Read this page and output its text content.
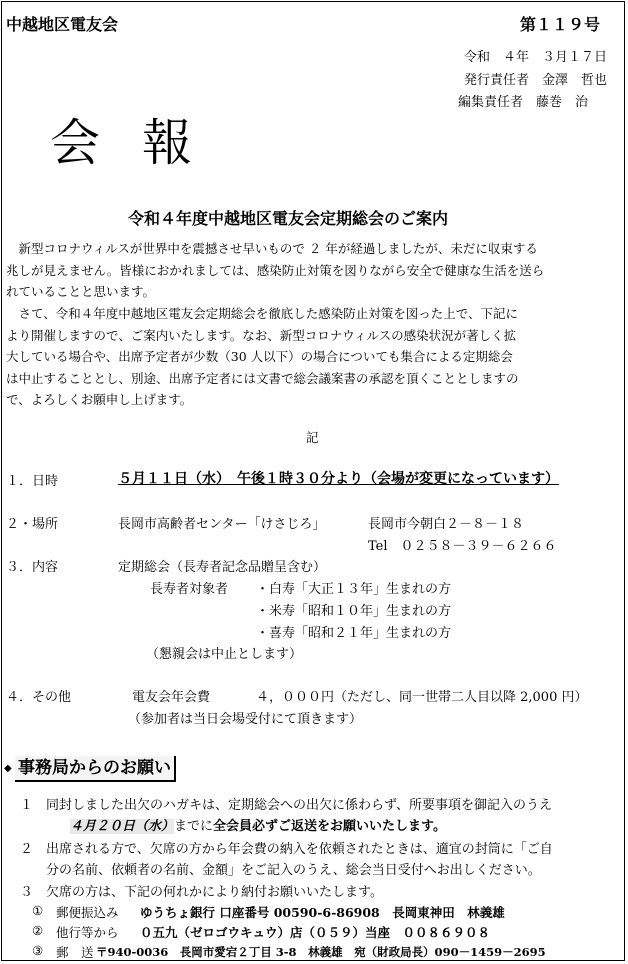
中越地区電友会	第１１９号
令和　４年　３月１７日
発行責任者　金澤　哲也
編集責任者　藤巻　治
会 報
令和４年度中越地区電友会定期総会のご案内
　新型コロナウィルスが世界中を震撼させ早いもので ２ 年が経過しましたが、未だに収束する
兆しが見えません。皆様におかれましては、感染防止対策を図りながら安全で健康な生活を送ら
れていることと思います。
　さて、令和４年度中越地区電友会定期総会を徹底した感染防止対策を図った上で、下記に
より開催しますので、ご案内いたします。なお、新型コロナウィルスの感染状況が著しく拡
大している場合や、出席予定者が少数（30 人以下）の場合についても集合による定期総会
は中止することとし、別途、出席予定者には文書で総会議案書の承認を頂くこととしますの
で、よろしくお願申し上げます。
記
１．日時	５月１１日（水）　午後１時３０分より（会場が変更になっています）
２・場所	長岡市高齢者センター「けさじろ」	長岡市今朝白２－８－１８
Tel　０２５８－３９－６２６６
３．内容	定期総会（長寿者記念品贈呈含む）
長寿者対象者 ・白寿「大正１３年」生まれの方
・米寿「昭和１０年」生まれの方
・喜寿「昭和２１年」生まれの方
（懇親会は中止とします）
４．その他	電友会年会費	４，０００円（ただし、同一世帯二人目以降 2,000 円）
（参加者は当日会場受付にて頂きます）
◆ 事務局からのお願い
１ 同封しました出欠のハガキは、定期総会への出欠に係わらず、所要事項を御記入のうえ
４月２０日（水）までに全会員必ずご返送をお願いいたします。
２ 出席される方で、欠席の方から年会費の納入を依頼されたときは、適宜の封筒に「ご自
分の名前、依頼者の名前、金額」をご記入のうえ、総会当日受付へお出しください。
３ 欠席の方は、下記の何れかにより納付お願いいたします。
① 郵便振込み ゆうちょ銀行 口座番号 00590-6-86908　長岡東神田　林義雄
② 他行等から ０五九（ゼロゴウキュウ）店（０５９）当座　００８６９０８
③ 郵　送 〒940-0036　長岡市愛宕２丁目 3-8　林義雄　宛（財政局長）090－1459－2695
